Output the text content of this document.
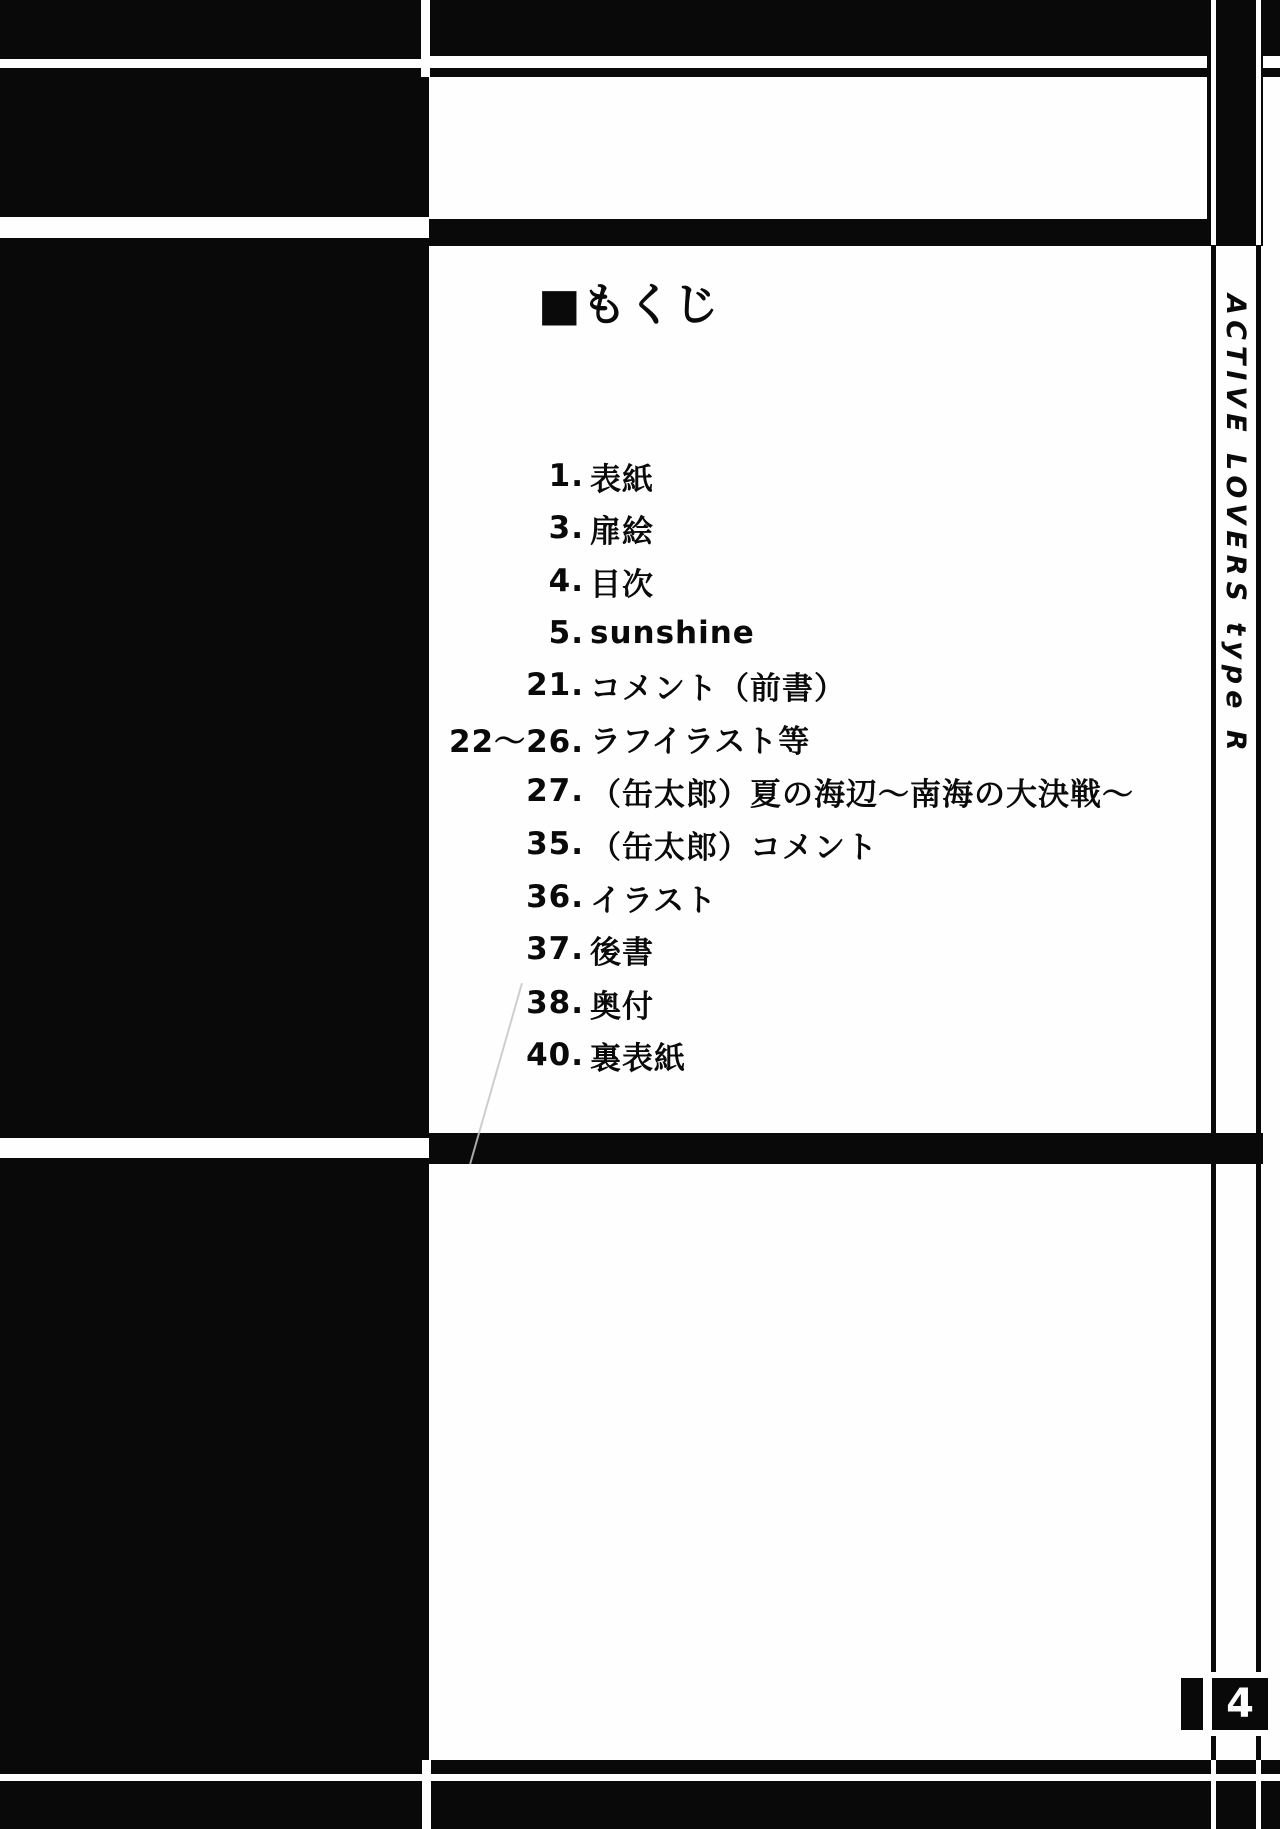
■もくじ
1. 表紙
3. 扉絵
4. 目次
5. sunshine
21. コメント（前書）
22〜26. ラフイラスト等
27. （缶太郎）夏の海辺〜南海の大決戦〜
35. （缶太郎）コメント
36. イラスト
37. 後書
38. 奥付
40. 裏表紙
ACTIVE LOVERS type R
4
